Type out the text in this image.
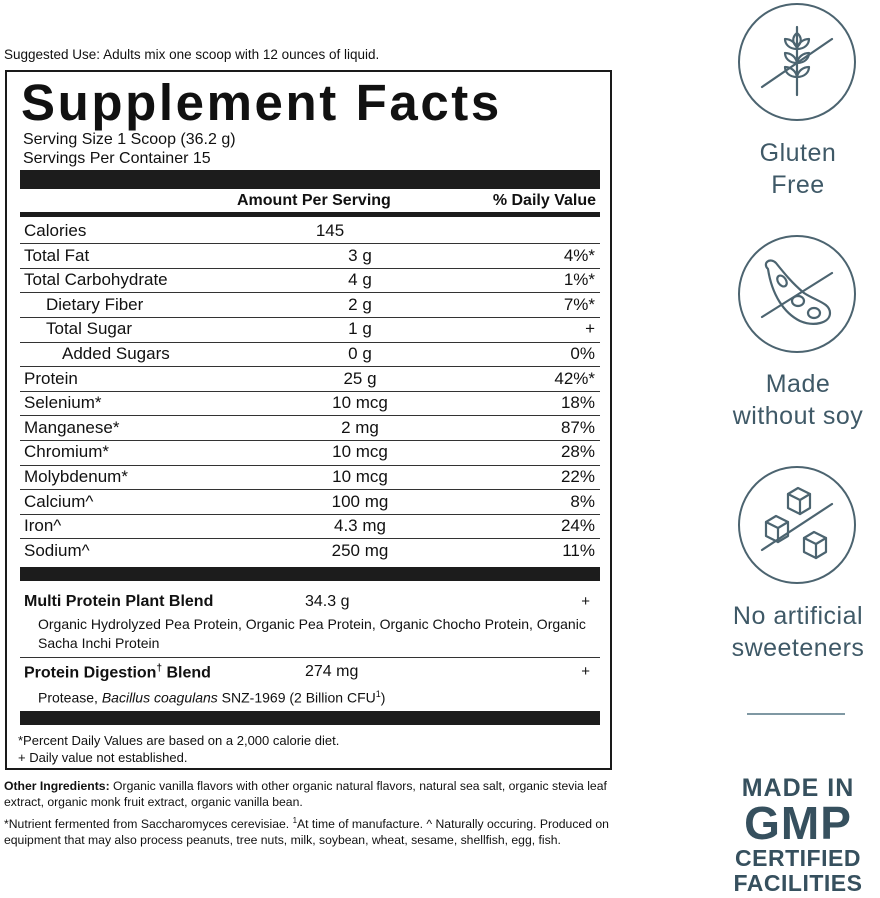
Suggested Use: Adults mix one scoop with 12 ounces of liquid.
Supplement Facts
Serving Size 1 Scoop (36.2 g)
Servings Per Container 15
Amount Per Serving	% Daily Value
Calories	145
Total Fat	3 g	4%*
Total Carbohydrate	4 g	1%*
Dietary Fiber	2 g	7%*
Total Sugar	1 g	+
Added Sugars	0 g	0%
Protein	25 g	42%*
Selenium*	10 mcg	18%
Manganese*	2 mg	87%
Chromium*	10 mcg	28%
Molybdenum*	10 mcg	22%
Calcium^	100 mg	8%
Iron^	4.3 mg	24%
Sodium^	250 mg	11%
Multi Protein Plant Blend	34.3 g	+
Organic Hydrolyzed Pea Protein, Organic Pea Protein, Organic Chocho Protein, Organic Sacha Inchi Protein
Protein Digestion† Blend	274 mg	+
Protease, Bacillus coagulans SNZ-1969 (2 Billion CFU$^1$)
*Percent Daily Values are based on a 2,000 calorie diet.
+ Daily value not established.
Other Ingredients: Organic vanilla flavors with other organic natural flavors, natural sea salt, organic stevia leaf extract, organic monk fruit extract, organic vanilla bean.
*Nutrient fermented from Saccharomyces cerevisiae. $^1$At time of manufacture. ^ Naturally occuring. Produced on equipment that may also process peanuts, tree nuts, milk, soybean, wheat, sesame, shellfish, egg, fish.
Gluten
Free
Made
without soy
No artificial
sweeteners
MADE IN
GMP
CERTIFIED
FACILITIES
